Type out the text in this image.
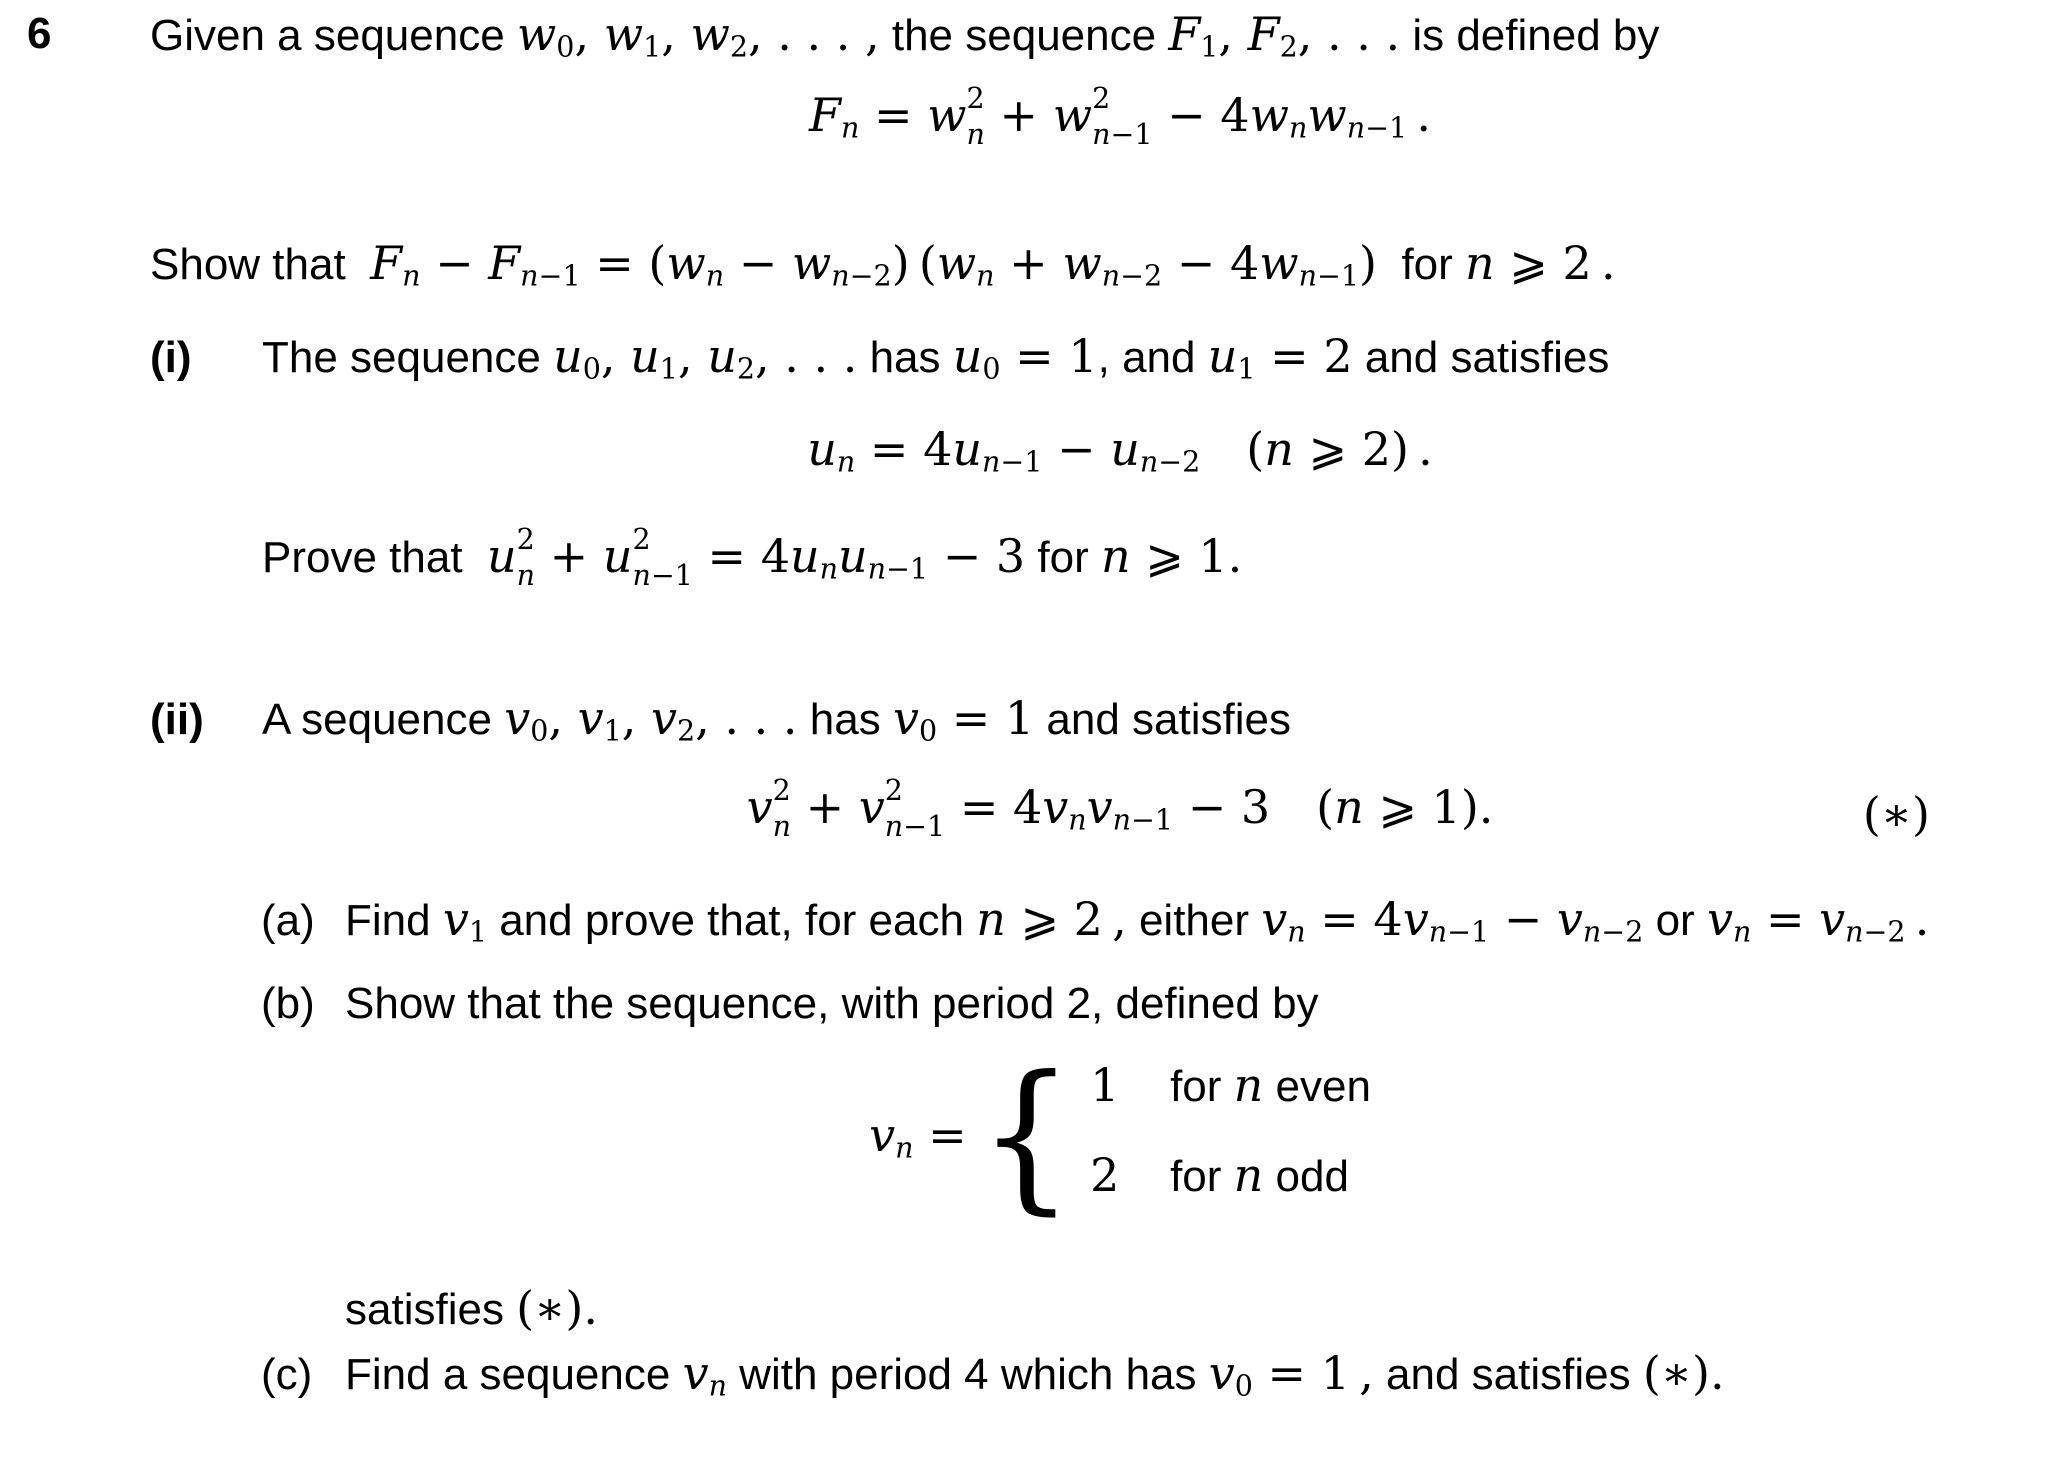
6 Given a sequence $w_0$, $w_1$, $w_2$, . . . , the sequence $F_1$, $F_2$, . . . is defined by
$F_n = w$ 2
n + w 2
$n-1 - 4w_nw_{n-1}$  .
Show that  $F_n - F_{n-1} = (w_n - w_{n-2}) (w_n + w_{n-2} - 4w_{n-1})$  for n ⩾ 2  .
(i) The sequence $u_0$, $u_1$, $u_2$, . . . has $u_0 = 1$, and $u_1 = 2$ and satisfies
$u_n = 4u_{n-1} - u_{n-2}$  (n ⩾ 2)  .
Prove that  u 2
n + u 2
$n-1 = 4u_nu_{n-1} - 3$ for n ⩾ 1.
(ii) A sequence $v_0$, $v_1$, $v_2$, . . . has $v_0 = 1$ and satisfies
v 2
n + v 2
$n-1 = 4v_nv_{n-1} - 3$  (n ⩾ 1).	(∗)
(a) Find $v_1$ and prove that, for each n ⩾ 2  , either $v_n = 4v_{n-1} - v_{n-2}$ or $v_n = v_{n-2}$  .
(b) Show that the sequence, with period 2, defined by
$v_n$ = { 1	for n even
2	for n odd
satisfies (∗).
(c) Find a sequence $v_n$ with period 4 which has $v_0 = 1$  , and satisfies (∗).
